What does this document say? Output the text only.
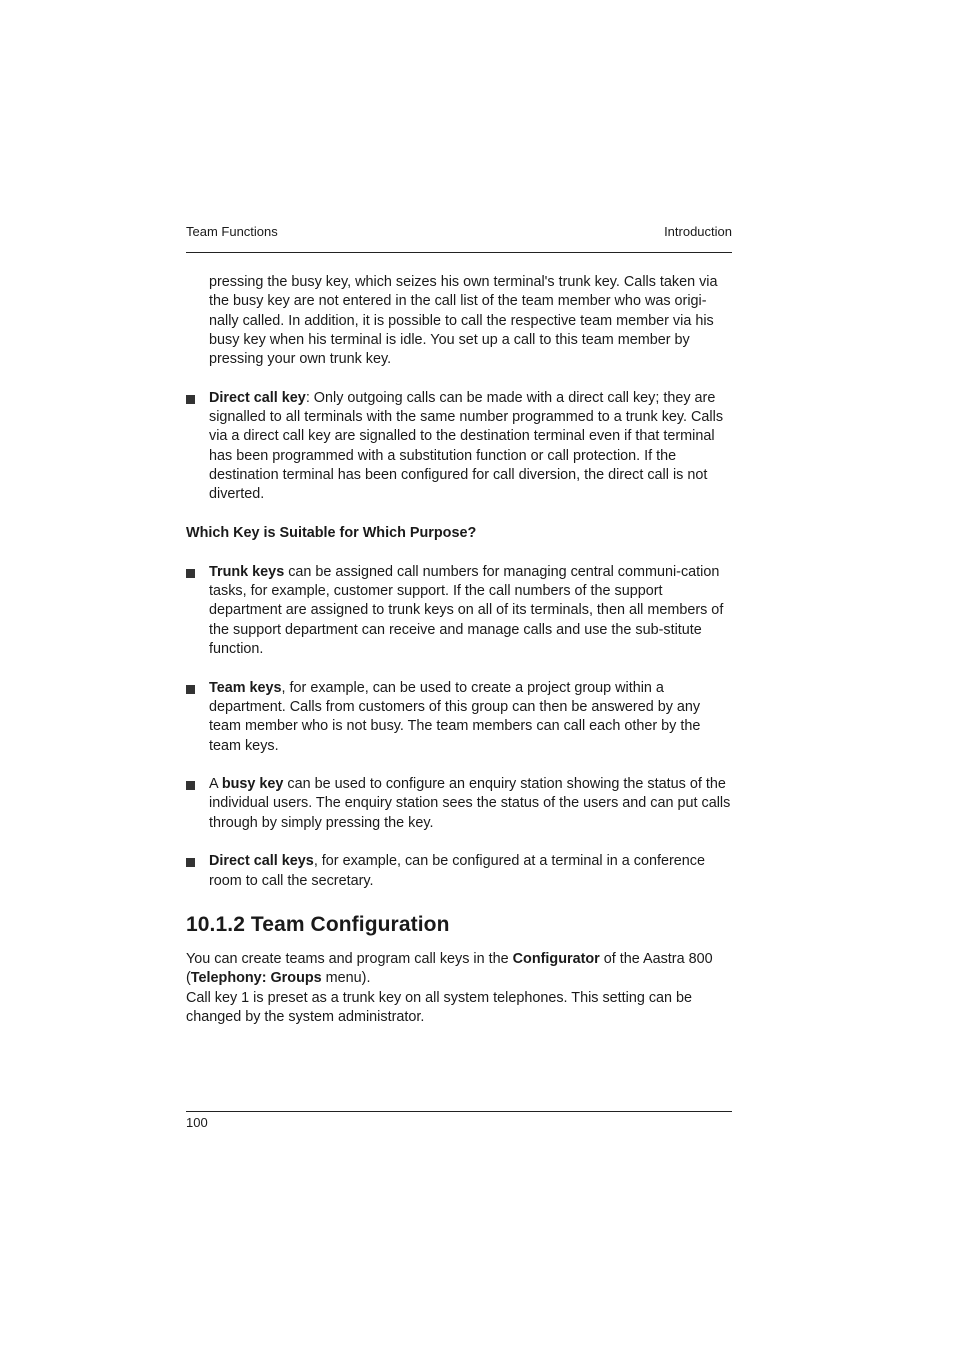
Team Functions	Introduction

pressing the busy key, which seizes his own terminal's trunk key. Calls taken via the busy key are not entered in the call list of the team member who was origi-nally called. In addition, it is possible to call the respective team member via his busy key when his terminal is idle. You set up a call to this team member by pressing your own trunk key.

Direct call key: Only outgoing calls can be made with a direct call key; they are signalled to all terminals with the same number programmed to a trunk key. Calls via a direct call key are signalled to the destination terminal even if that terminal has been programmed with a substitution function or call protection. If the destination terminal has been configured for call diversion, the direct call is not diverted.
Which Key is Suitable for Which Purpose?
Trunk keys can be assigned call numbers for managing central communi-cation tasks, for example, customer support. If the call numbers of the support department are assigned to trunk keys on all of its terminals, then all members of the support department can receive and manage calls and use the sub-stitute function.
Team keys, for example, can be used to create a project group within a department. Calls from customers of this group can then be answered by any team member who is not busy. The team members can call each other by the team keys.
A busy key can be used to configure an enquiry station showing the status of the individual users. The enquiry station sees the status of the users and can put calls through by simply pressing the key.
Direct call keys, for example, can be configured at a terminal in a conference room to call the secretary.
10.1.2 Team Configuration

You can create teams and program call keys in the Configurator of the Aastra 800 (Telephony: Groups menu).

Call key 1 is preset as a trunk key on all system telephones. This setting can be changed by the system administrator.

100
